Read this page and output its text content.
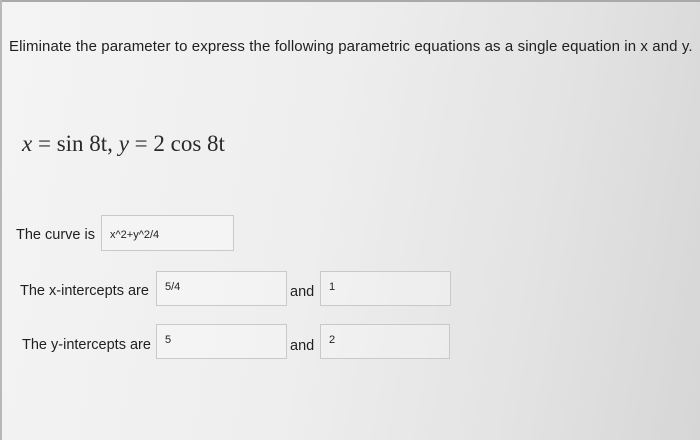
Eliminate the parameter to express the following parametric equations as a single equation in x and y.
x = sin 8t, y = 2 cos 8t
The curve is	x^2+y^2/4
The x-intercepts are	5/4	and	1
The y-intercepts are	5	and	2
